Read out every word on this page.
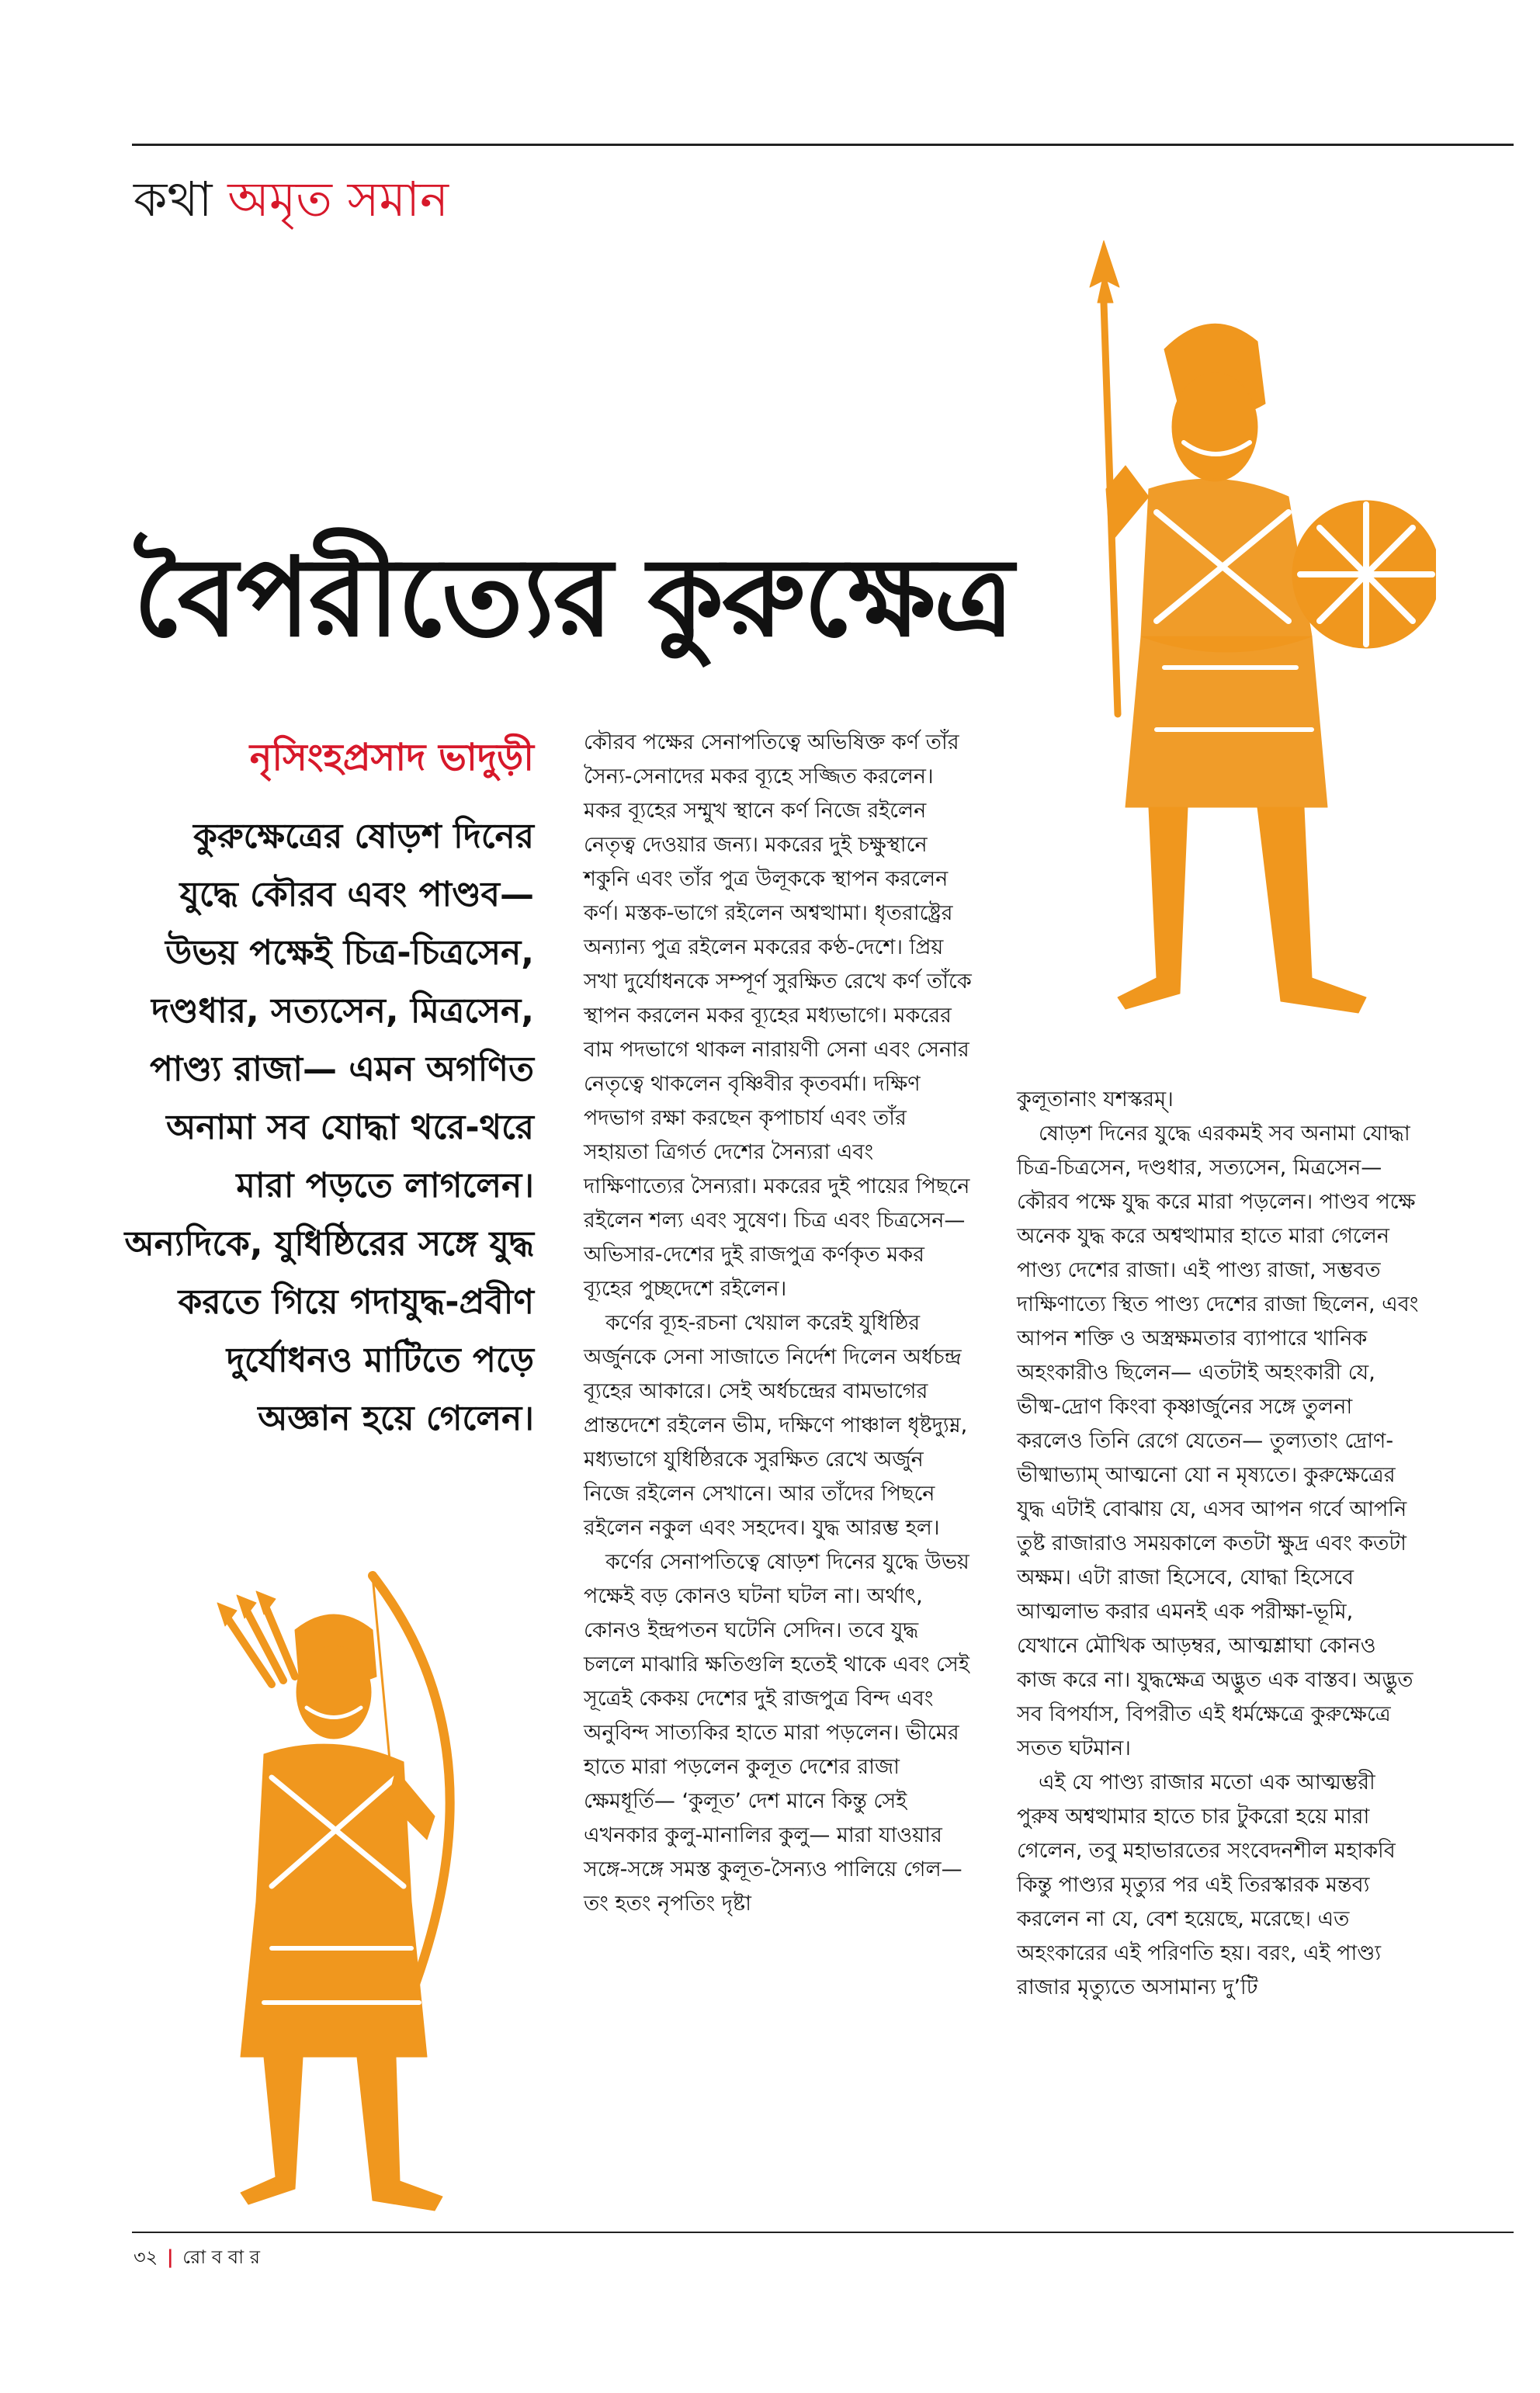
কথা অমৃত সমান
বৈপরীত্যের কুরুক্ষেত্র
নৃসিংহপ্রসাদ ভাদুড়ী

কুরুক্ষেত্রের ষোড়শ দিনের যুদ্ধে কৌরব এবং পাণ্ডব— উভয় পক্ষেই চিত্র-চিত্রসেন, দণ্ডধার, সত্যসেন, মিত্রসেন, পাণ্ড্য রাজা— এমন অগণিত অনামা সব যোদ্ধা থরে-থরে মারা পড়তে লাগলেন। অন্যদিকে, যুধিষ্ঠিরের সঙ্গে যুদ্ধ করতে গিয়ে গদাযুদ্ধ-প্রবীণ দুর্যোধনও মাটিতে পড়ে অজ্ঞান হয়ে গেলেন।

কৌরব পক্ষের সেনাপতিত্বে অভিষিক্ত কর্ণ তাঁর সৈন্য-সেনাদের মকর ব্যূহে সজ্জিত করলেন। মকর ব্যূহের সম্মুখ স্থানে কর্ণ নিজে রইলেন নেতৃত্ব দেওয়ার জন্য। মকরের দুই চক্ষুস্থানে শকুনি এবং তাঁর পুত্র উলূককে স্থাপন করলেন কর্ণ। মস্তক-ভাগে রইলেন অশ্বত্থামা। ধৃতরাষ্ট্রের অন্যান্য পুত্র রইলেন মকরের কণ্ঠ-দেশে। প্রিয় সখা দুর্যোধনকে সম্পূর্ণ সুরক্ষিত রেখে কর্ণ তাঁকে স্থাপন করলেন মকর ব্যূহের মধ্যভাগে। মকরের বাম পদভাগে থাকল নারায়ণী সেনা এবং সেনার নেতৃত্বে থাকলেন বৃষ্ণিবীর কৃতবর্মা। দক্ষিণ পদভাগ রক্ষা করছেন কৃপাচার্য এবং তাঁর সহায়তা ত্রিগর্ত দেশের সৈন্যরা এবং দাক্ষিণাত্যের সৈন্যরা। মকরের দুই পায়ের পিছনে রইলেন শল্য এবং সুষেণ। চিত্র এবং চিত্রসেন— অভিসার-দেশের দুই রাজপুত্র কর্ণকৃত মকর ব্যূহের পুচ্ছদেশে রইলেন।

কর্ণের ব্যূহ-রচনা খেয়াল করেই যুধিষ্ঠির অর্জুনকে সেনা সাজাতে নির্দেশ দিলেন অর্ধচন্দ্র ব্যূহের আকারে। সেই অর্ধচন্দ্রের বামভাগের প্রান্তদেশে রইলেন ভীম, দক্ষিণে পাঞ্চাল ধৃষ্টদ্যুম্ন, মধ্যভাগে যুধিষ্ঠিরকে সুরক্ষিত রেখে অর্জুন নিজে রইলেন সেখানে। আর তাঁদের পিছনে রইলেন নকুল এবং সহদেব। যুদ্ধ আরম্ভ হল।

কর্ণের সেনাপতিত্বে ষোড়শ দিনের যুদ্ধে উভয় পক্ষেই বড় কোনও ঘটনা ঘটল না। অর্থাৎ, কোনও ইন্দ্রপতন ঘটেনি সেদিন। তবে যুদ্ধ চললে মাঝারি ক্ষতিগুলি হতেই থাকে এবং সেই সূত্রেই কেকয় দেশের দুই রাজপুত্র বিন্দ এবং অনুবিন্দ সাত্যকির হাতে মারা পড়লেন। ভীমের হাতে মারা পড়লেন কুলূত দেশের রাজা ক্ষেমধূর্তি— ‘কুলূত’ দেশ মানে কিন্তু সেই এখনকার কুলু-মানালির কুলু— মারা যাওয়ার সঙ্গে-সঙ্গে সমস্ত কুলূত-সৈন্যও পালিয়ে গেল— তং হতং নৃপতিং দৃষ্টা

কুলূতানাং যশস্করম্।

ষোড়শ দিনের যুদ্ধে এরকমই সব অনামা যোদ্ধা চিত্র-চিত্রসেন, দণ্ডধার, সত্যসেন, মিত্রসেন— কৌরব পক্ষে যুদ্ধ করে মারা পড়লেন। পাণ্ডব পক্ষে অনেক যুদ্ধ করে অশ্বত্থামার হাতে মারা গেলেন পাণ্ড্য দেশের রাজা। এই পাণ্ড্য রাজা, সম্ভবত দাক্ষিণাত্যে স্থিত পাণ্ড্য দেশের রাজা ছিলেন, এবং আপন শক্তি ও অস্ত্রক্ষমতার ব্যাপারে খানিক অহংকারীও ছিলেন— এতটাই অহংকারী যে, ভীষ্ম-দ্রোণ কিংবা কৃষ্ণার্জুনের সঙ্গে তুলনা করলেও তিনি রেগে যেতেন— তুল্যতাং দ্রোণ-ভীষ্মাভ্যাম্ আত্মনো যো ন মৃষ্যতে। কুরুক্ষেত্রের যুদ্ধ এটাই বোঝায় যে, এসব আপন গর্বে আপনি তুষ্ট রাজারাও সময়কালে কতটা ক্ষুদ্র এবং কতটা অক্ষম। এটা রাজা হিসেবে, যোদ্ধা হিসেবে আত্মলাভ করার এমনই এক পরীক্ষা-ভূমি, যেখানে মৌখিক আড়ম্বর, আত্মশ্লাঘা কোনও কাজ করে না। যুদ্ধক্ষেত্র অদ্ভুত এক বাস্তব। অদ্ভুত সব বিপর্যাস, বিপরীত এই ধর্মক্ষেত্রে কুরুক্ষেত্রে সতত ঘটমান।

এই যে পাণ্ড্য রাজার মতো এক আত্মম্ভরী পুরুষ অশ্বত্থামার হাতে চার টুকরো হয়ে মারা গেলেন, তবু মহাভারতের সংবেদনশীল মহাকবি কিন্তু পাণ্ড্যর মৃত্যুর পর এই তিরস্কারক মন্তব্য করলেন না যে, বেশ হয়েছে, মরেছে। এত অহংকারের এই পরিণতি হয়। বরং, এই পাণ্ড্য রাজার মৃত্যুতে অসামান্য দু’টি

৩২ | রো ব বা র
